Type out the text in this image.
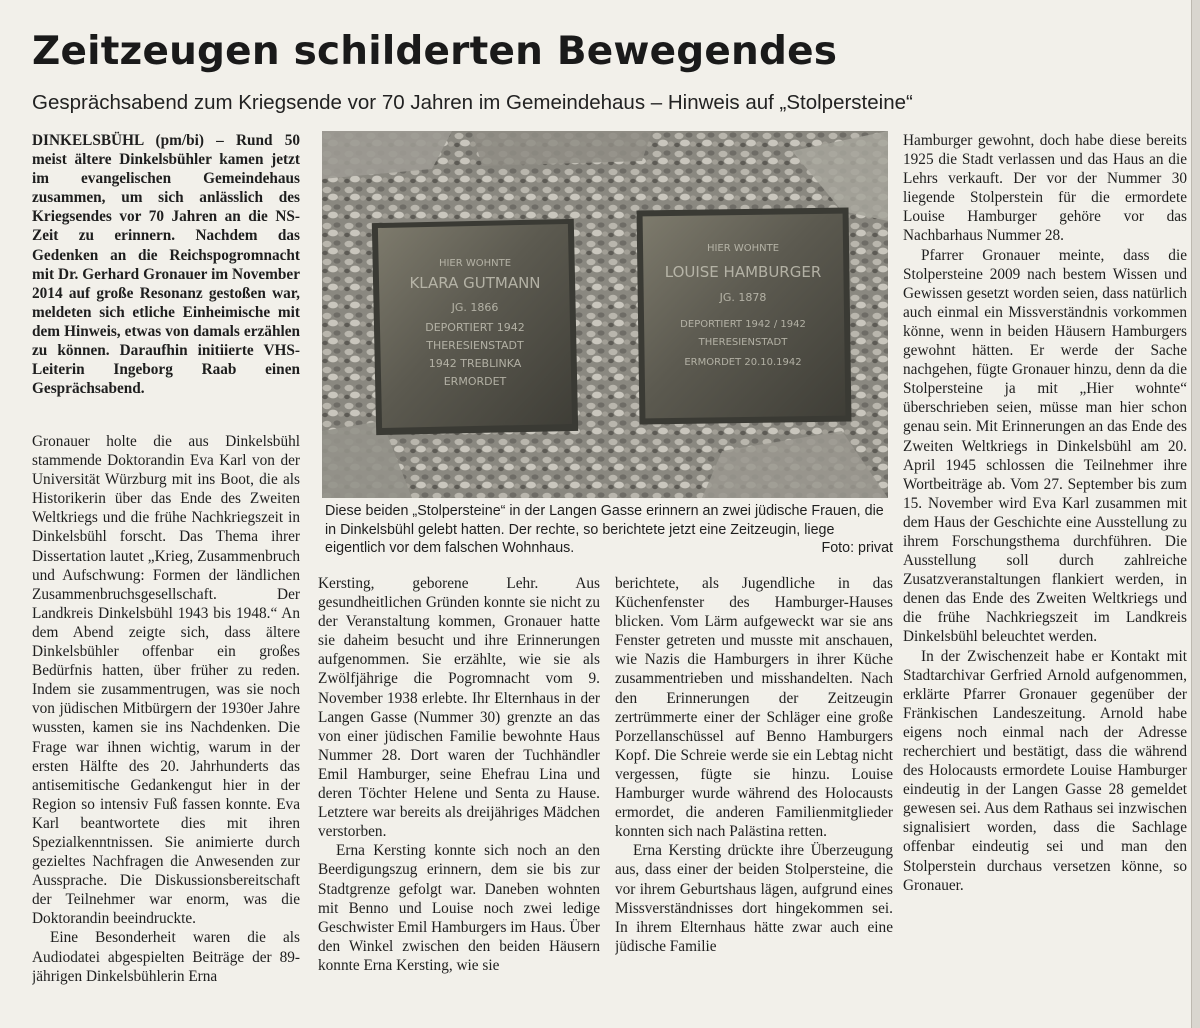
Zeitzeugen schilderten Bewegendes
Gesprächsabend zum Kriegsende vor 70 Jahren im Gemeindehaus – Hinweis auf „Stolpersteine“

DINKELSBÜHL (pm/bi) – Rund 50 meist ältere Dinkelsbühler kamen jetzt im evangelischen Gemeindehaus zusammen, um sich anlässlich des Kriegsendes vor 70 Jahren an die NS-Zeit zu erinnern. Nachdem das Gedenken an die Reichspogromnacht mit Dr. Gerhard Gronauer im November 2014 auf große Resonanz gestoßen war, meldeten sich etliche Einheimische mit dem Hinweis, etwas von damals erzählen zu können. Daraufhin initiierte VHS-Leiterin Ingeborg Raab einen Gesprächsabend.

Gronauer holte die aus Dinkelsbühl stammende Doktorandin Eva Karl von der Universität Würzburg mit ins Boot, die als Historikerin über das Ende des Zweiten Weltkriegs und die frühe Nachkriegszeit in Dinkelsbühl forscht. Das Thema ihrer Dissertation lautet „Krieg, Zusammenbruch und Aufschwung: Formen der ländlichen Zusammenbruchsgesellschaft. Der Landkreis Dinkelsbühl 1943 bis 1948.“ An dem Abend zeigte sich, dass ältere Dinkelsbühler offenbar ein großes Bedürfnis hatten, über früher zu reden. Indem sie zusammentrugen, was sie noch von jüdischen Mitbürgern der 1930er Jahre wussten, kamen sie ins Nachdenken. Die Frage war ihnen wichtig, warum in der ersten Hälfte des 20. Jahrhunderts das antisemitische Gedankengut hier in der Region so intensiv Fuß fassen konnte. Eva Karl beantwortete dies mit ihren Spezialkenntnissen. Sie animierte durch gezieltes Nachfragen die Anwesenden zur Aussprache. Die Diskussionsbereitschaft der Teilnehmer war enorm, was die Doktorandin beeindruckte.

Eine Besonderheit waren die als Audiodatei abgespielten Beiträge der 89-jährigen Dinkelsbühlerin Erna

HIER WOHNTE
KLARA GUTMANN
JG. 1866
DEPORTIERT 1942
THERESIENSTADT
1942 TREBLINKA
ERMORDET
HIER WOHNTE
LOUISE HAMBURGER
JG. 1878
DEPORTIERT 1942 / 1942
THERESIENSTADT
ERMORDET 20.10.1942
Diese beiden „Stolpersteine“ in der Langen Gasse erinnern an zwei jüdische Frauen, die in Dinkelsbühl gelebt hatten. Der rechte, so berichtete jetzt eine Zeitzeugin, liege eigentlich vor dem falschen Wohnhaus.	Foto: privat

Kersting, geborene Lehr. Aus gesundheitlichen Gründen konnte sie nicht zu der Veranstaltung kommen, Gronauer hatte sie daheim besucht und ihre Erinnerungen aufgenommen. Sie erzählte, wie sie als Zwölfjährige die Pogromnacht vom 9. November 1938 erlebte. Ihr Elternhaus in der Langen Gasse (Nummer 30) grenzte an das von einer jüdischen Familie bewohnte Haus Nummer 28. Dort waren der Tuchhändler Emil Hamburger, seine Ehefrau Lina und deren Töchter Helene und Senta zu Hause. Letztere war bereits als dreijähriges Mädchen verstorben.

Erna Kersting konnte sich noch an den Beerdigungszug erinnern, dem sie bis zur Stadtgrenze gefolgt war. Daneben wohnten mit Benno und Louise noch zwei ledige Geschwister Emil Hamburgers im Haus. Über den Winkel zwischen den beiden Häusern konnte Erna Kersting, wie sie

berichtete, als Jugendliche in das Küchenfenster des Hamburger-Hauses blicken. Vom Lärm aufgeweckt war sie ans Fenster getreten und musste mit anschauen, wie Nazis die Hamburgers in ihrer Küche zusammentrieben und misshandelten. Nach den Erinnerungen der Zeitzeugin zertrümmerte einer der Schläger eine große Porzellanschüssel auf Benno Hamburgers Kopf. Die Schreie werde sie ein Lebtag nicht vergessen, fügte sie hinzu. Louise Hamburger wurde während des Holocausts ermordet, die anderen Familienmitglieder konnten sich nach Palästina retten.

Erna Kersting drückte ihre Überzeugung aus, dass einer der beiden Stolpersteine, die vor ihrem Geburtshaus lägen, aufgrund eines Missverständnisses dort hingekommen sei. In ihrem Elternhaus hätte zwar auch eine jüdische Familie

Hamburger gewohnt, doch habe diese bereits 1925 die Stadt verlassen und das Haus an die Lehrs verkauft. Der vor der Nummer 30 liegende Stolperstein für die ermordete Louise Hamburger gehöre vor das Nachbarhaus Nummer 28.

Pfarrer Gronauer meinte, dass die Stolpersteine 2009 nach bestem Wissen und Gewissen gesetzt worden seien, dass natürlich auch einmal ein Missverständnis vorkommen könne, wenn in beiden Häusern Hamburgers gewohnt hätten. Er werde der Sache nachgehen, fügte Gronauer hinzu, denn da die Stolpersteine ja mit „Hier wohnte“ überschrieben seien, müsse man hier schon genau sein. Mit Erinnerungen an das Ende des Zweiten Weltkriegs in Dinkelsbühl am 20. April 1945 schlossen die Teilnehmer ihre Wortbeiträge ab. Vom 27. September bis zum 15. November wird Eva Karl zusammen mit dem Haus der Geschichte eine Ausstellung zu ihrem Forschungsthema durchführen. Die Ausstellung soll durch zahlreiche Zusatzveranstaltungen flankiert werden, in denen das Ende des Zweiten Weltkriegs und die frühe Nachkriegszeit im Landkreis Dinkelsbühl beleuchtet werden.

In der Zwischenzeit habe er Kontakt mit Stadtarchivar Gerfried Arnold aufgenommen, erklärte Pfarrer Gronauer gegenüber der Fränkischen Landeszeitung. Arnold habe eigens noch einmal nach der Adresse recherchiert und bestätigt, dass die während des Holocausts ermordete Louise Hamburger eindeutig in der Langen Gasse 28 gemeldet gewesen sei. Aus dem Rathaus sei inzwischen signalisiert worden, dass die Sachlage offenbar eindeutig sei und man den Stolperstein durchaus versetzen könne, so Gronauer.
